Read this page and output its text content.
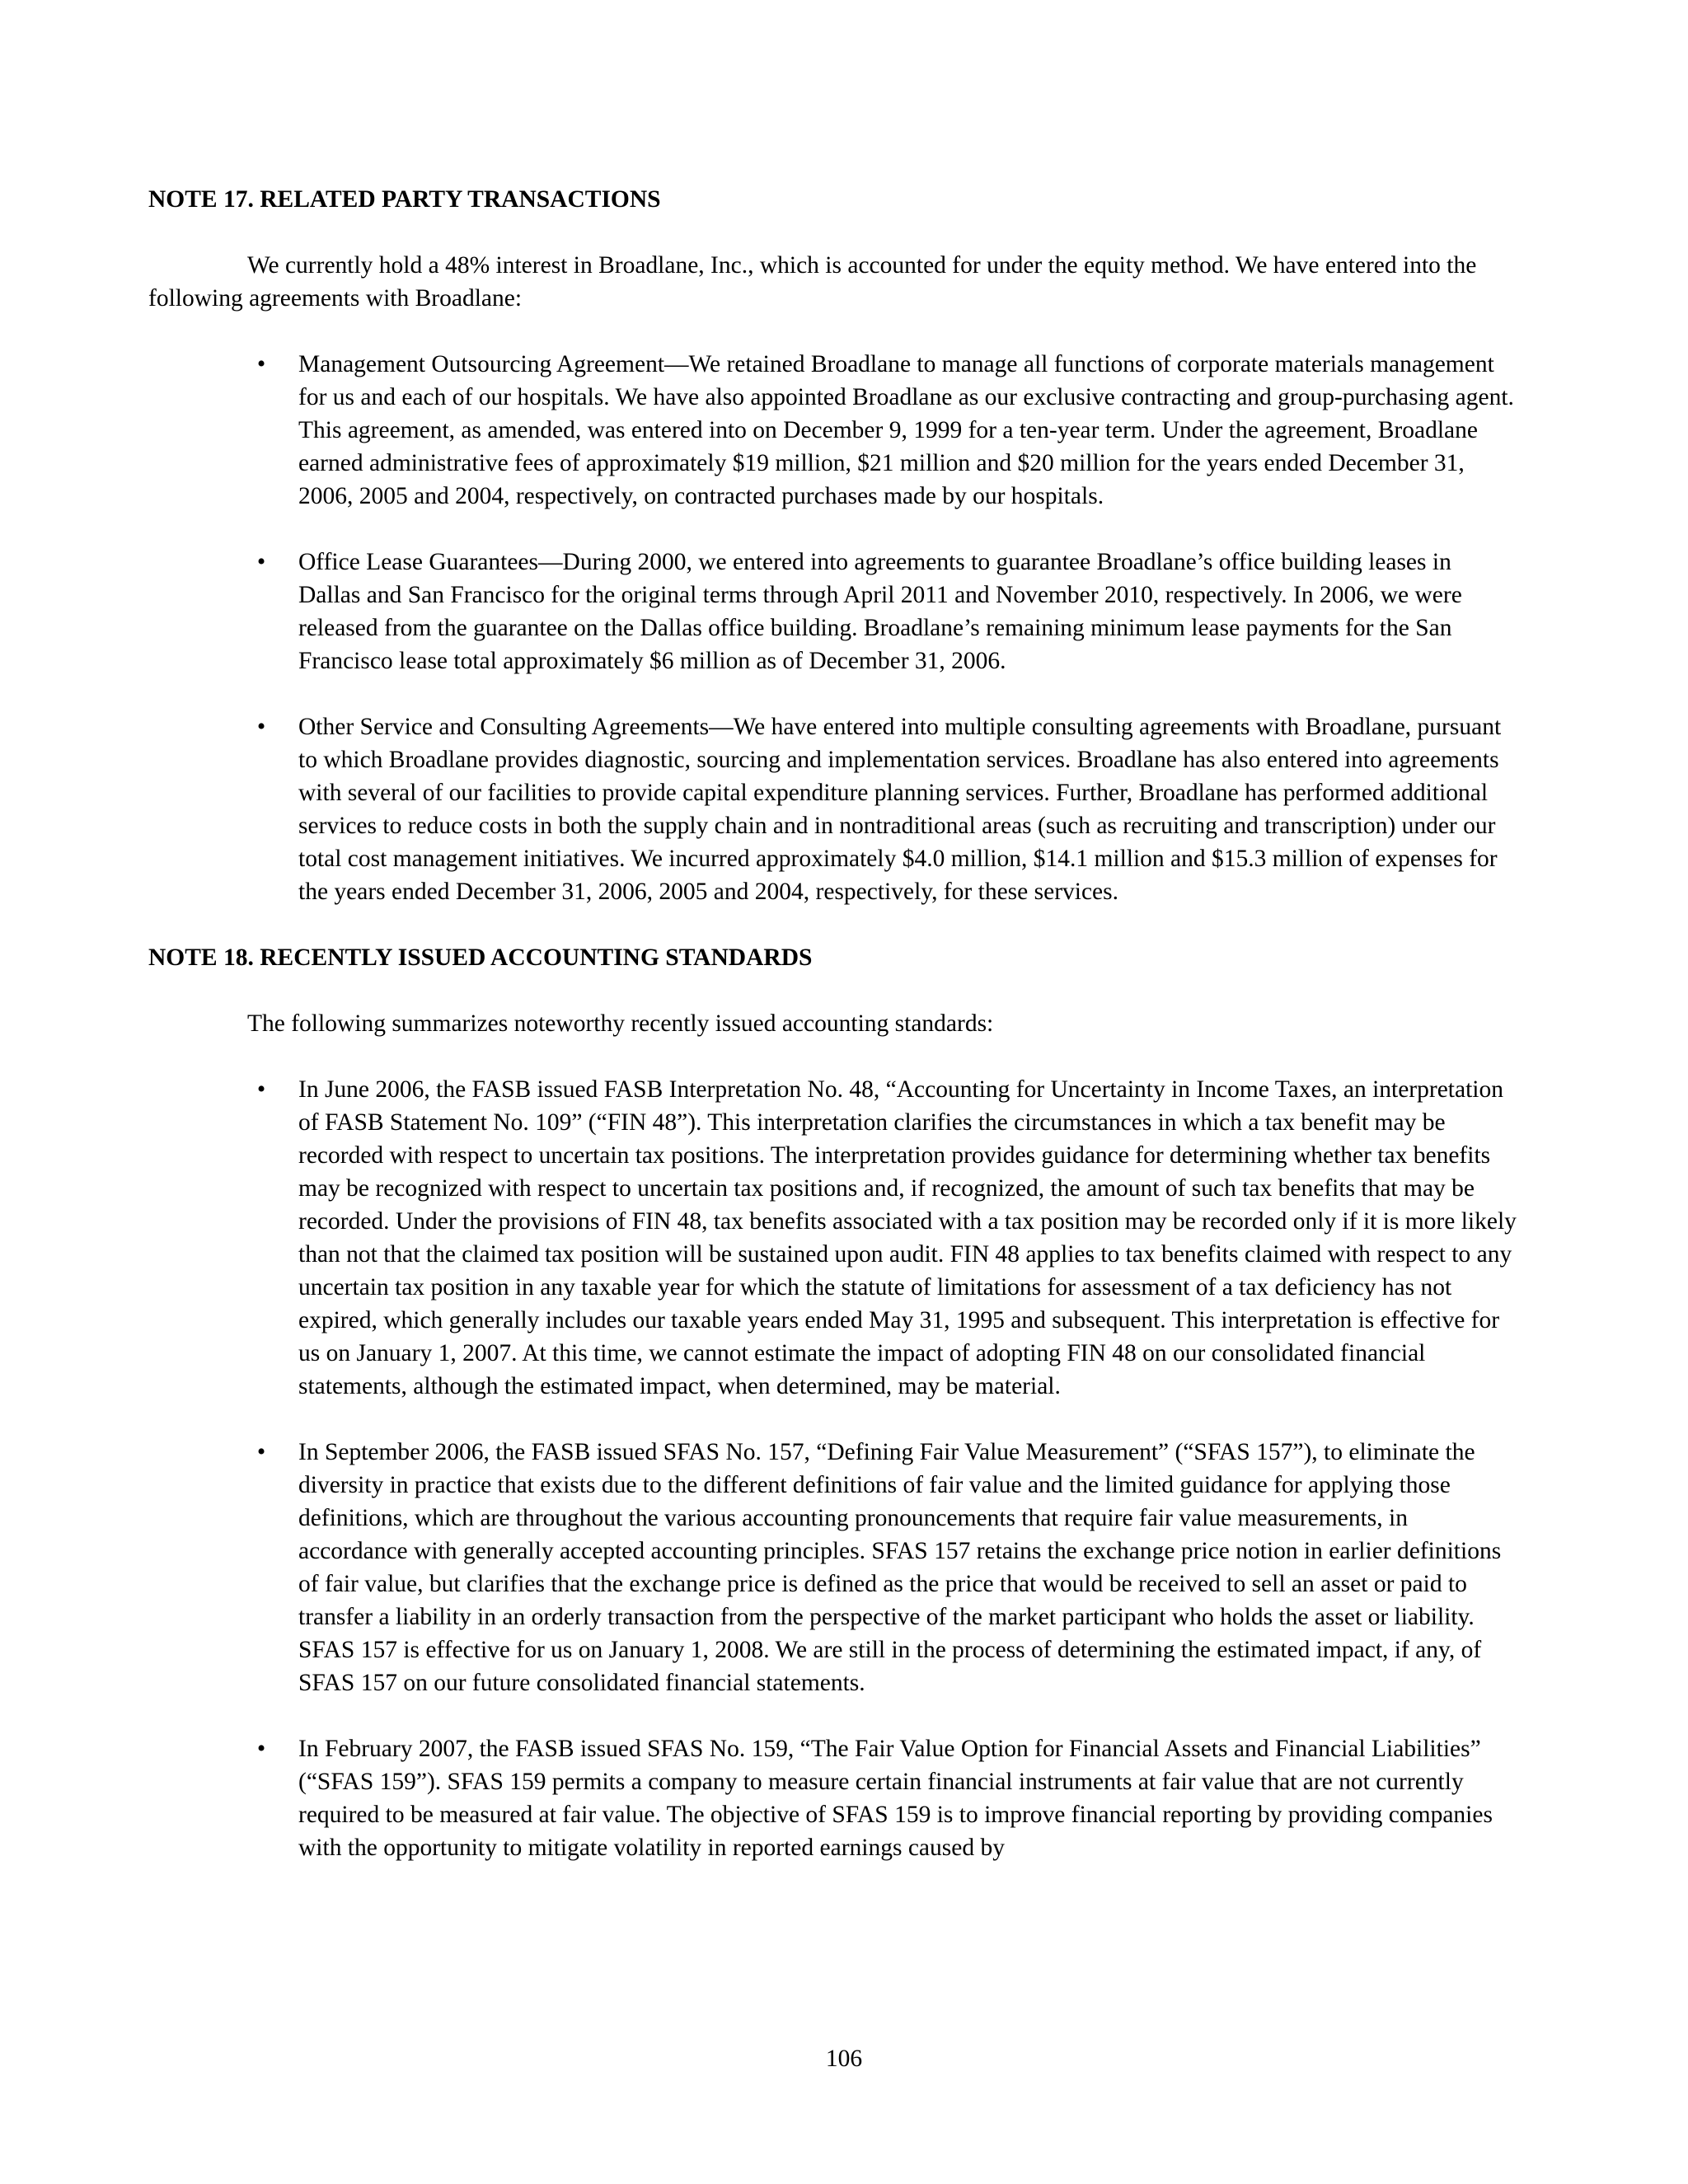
NOTE 17. RELATED PARTY TRANSACTIONS

We currently hold a 48% interest in Broadlane, Inc., which is accounted for under the equity method. We have entered into the following agreements with Broadlane:

•	Management Outsourcing Agreement—We retained Broadlane to manage all functions of corporate materials management for us and each of our hospitals. We have also appointed Broadlane as our exclusive contracting and group-purchasing agent. This agreement, as amended, was entered into on December 9, 1999 for a ten-year term. Under the agreement, Broadlane earned administrative fees of approximately $19 million, $21 million and $20 million for the years ended December 31, 2006, 2005 and 2004, respectively, on contracted purchases made by our hospitals.
•	Office Lease Guarantees—During 2000, we entered into agreements to guarantee Broadlane’s office building leases in Dallas and San Francisco for the original terms through April 2011 and November 2010, respectively. In 2006, we were released from the guarantee on the Dallas office building. Broadlane’s remaining minimum lease payments for the San Francisco lease total approximately $6 million as of December 31, 2006.
•	Other Service and Consulting Agreements—We have entered into multiple consulting agreements with Broadlane, pursuant to which Broadlane provides diagnostic, sourcing and implementation services. Broadlane has also entered into agreements with several of our facilities to provide capital expenditure planning services. Further, Broadlane has performed additional services to reduce costs in both the supply chain and in nontraditional areas (such as recruiting and transcription) under our total cost management initiatives. We incurred approximately $4.0 million, $14.1 million and $15.3 million of expenses for the years ended December 31, 2006, 2005 and 2004, respectively, for these services.
NOTE 18. RECENTLY ISSUED ACCOUNTING STANDARDS

The following summarizes noteworthy recently issued accounting standards:

•	In June 2006, the FASB issued FASB Interpretation No. 48, “Accounting for Uncertainty in Income Taxes, an interpretation of FASB Statement No. 109” (“FIN 48”). This interpretation clarifies the circumstances in which a tax benefit may be recorded with respect to uncertain tax positions. The interpretation provides guidance for determining whether tax benefits may be recognized with respect to uncertain tax positions and, if recognized, the amount of such tax benefits that may be recorded. Under the provisions of FIN 48, tax benefits associated with a tax position may be recorded only if it is more likely than not that the claimed tax position will be sustained upon audit. FIN 48 applies to tax benefits claimed with respect to any uncertain tax position in any taxable year for which the statute of limitations for assessment of a tax deficiency has not expired, which generally includes our taxable years ended May 31, 1995 and subsequent. This interpretation is effective for us on January 1, 2007. At this time, we cannot estimate the impact of adopting FIN 48 on our consolidated financial statements, although the estimated impact, when determined, may be material.
•	In September 2006, the FASB issued SFAS No. 157, “Defining Fair Value Measurement” (“SFAS 157”), to eliminate the diversity in practice that exists due to the different definitions of fair value and the limited guidance for applying those definitions, which are throughout the various accounting pronouncements that require fair value measurements, in accordance with generally accepted accounting principles. SFAS 157 retains the exchange price notion in earlier definitions of fair value, but clarifies that the exchange price is defined as the price that would be received to sell an asset or paid to transfer a liability in an orderly transaction from the perspective of the market participant who holds the asset or liability. SFAS 157 is effective for us on January 1, 2008. We are still in the process of determining the estimated impact, if any, of SFAS 157 on our future consolidated financial statements.
•	In February 2007, the FASB issued SFAS No. 159, “The Fair Value Option for Financial Assets and Financial Liabilities” (“SFAS 159”). SFAS 159 permits a company to measure certain financial instruments at fair value that are not currently required to be measured at fair value. The objective of SFAS 159 is to improve financial reporting by providing companies with the opportunity to mitigate volatility in reported earnings caused by
106
